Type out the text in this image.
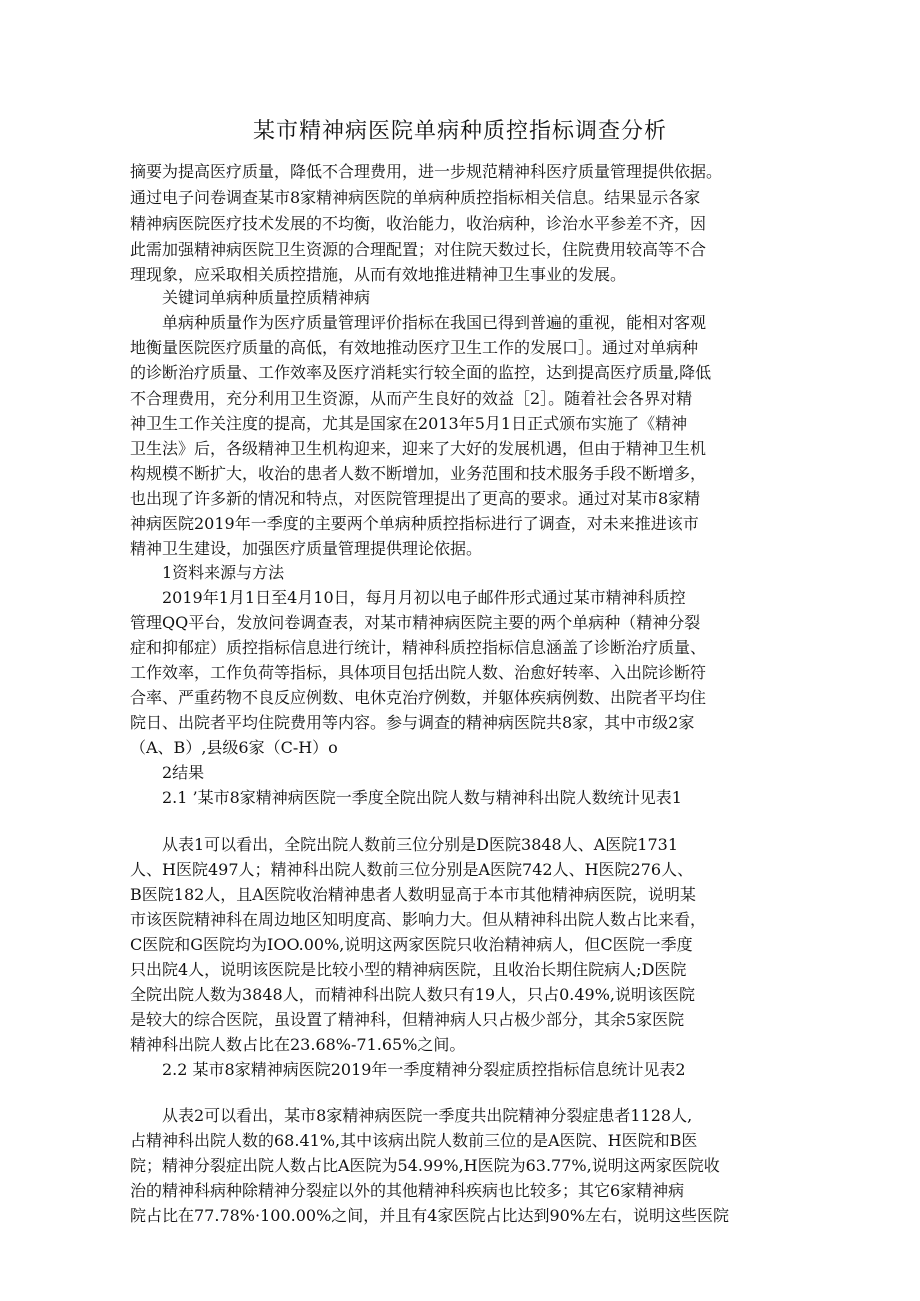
某市精神病医院单病种质控指标调查分析
摘要为提高医疗质量，降低不合理费用，进一步规范精神科医疗质量管理提供依据。
通过电子问卷调查某市8家精神病医院的单病种质控指标相关信息。结果显示各家
精神病医院医疗技术发展的不均衡，收治能力，收治病种，诊治水平参差不齐，因
此需加强精神病医院卫生资源的合理配置；对住院天数过长，住院费用较高等不合
理现象，应采取相关质控措施，从而有效地推进精神卫生事业的发展。
关键词单病种质量控质精神病
单病种质量作为医疗质量管理评价指标在我国已得到普遍的重视，能相对客观
地衡量医院医疗质量的高低，有效地推动医疗卫生工作的发展口］。通过对单病种
的诊断治疗质量、工作效率及医疗消耗实行较全面的监控，达到提高医疗质量,降低
不合理费用，充分利用卫生资源，从而产生良好的效益［2］。随着社会各界对精
神卫生工作关注度的提高，尤其是国家在2013年5月1日正式颁布实施了《精神
卫生法》后，各级精神卫生机构迎来，迎来了大好的发展机遇，但由于精神卫生机
构规模不断扩大，收治的患者人数不断增加，业务范围和技术服务手段不断增多，
也出现了许多新的情况和特点，对医院管理提出了更高的要求。通过对某市8家精
神病医院2019年一季度的主要两个单病种质控指标进行了调查，对未来推进该市
精神卫生建设，加强医疗质量管理提供理论依据。
1资料来源与方法
2019年1月1日至4月10日，每月月初以电子邮件形式通过某市精神科质控
管理QQ平台，发放问卷调查表，对某市精神病医院主要的两个单病种（精神分裂
症和抑郁症）质控指标信息进行统计，精神科质控指标信息涵盖了诊断治疗质量、
工作效率，工作负荷等指标，具体项目包括出院人数、治愈好转率、入出院诊断符
合率、严重药物不良反应例数、电休克治疗例数，并躯体疾病例数、出院者平均住
院日、出院者平均住院费用等内容。参与调查的精神病医院共8家，其中市级2家
（A、B）,县级6家（C-H）o
2结果
2.1 ’某市8家精神病医院一季度全院出院人数与精神科出院人数统计见表1
从表1可以看出，全院出院人数前三位分别是D医院3848人、A医院1731
人、H医院497人；精神科出院人数前三位分别是A医院742人、H医院276人、
B医院182人，且A医院收治精神患者人数明显高于本市其他精神病医院，说明某
市该医院精神科在周边地区知明度高、影响力大。但从精神科出院人数占比来看，
C医院和G医院均为IOO.00%,说明这两家医院只收治精神病人，但C医院一季度
只出院4人，说明该医院是比较小型的精神病医院，且收治长期住院病人;D医院
全院出院人数为3848人，而精神科出院人数只有19人，只占0.49%,说明该医院
是较大的综合医院，虽设置了精神科，但精神病人只占极少部分，其余5家医院
精神科出院人数占比在23.68%-71.65%之间。
2.2 某市8家精神病医院2019年一季度精神分裂症质控指标信息统计见表2
从表2可以看出，某市8家精神病医院一季度共出院精神分裂症患者1128人,
占精神科出院人数的68.41%,其中该病出院人数前三位的是A医院、H医院和B医
院；精神分裂症出院人数占比A医院为54.99%,H医院为63.77%,说明这两家医院收
治的精神科病种除精神分裂症以外的其他精神科疾病也比较多；其它6家精神病
院占比在77.78%·100.00%之间，并且有4家医院占比达到90%左右，说明这些医院
